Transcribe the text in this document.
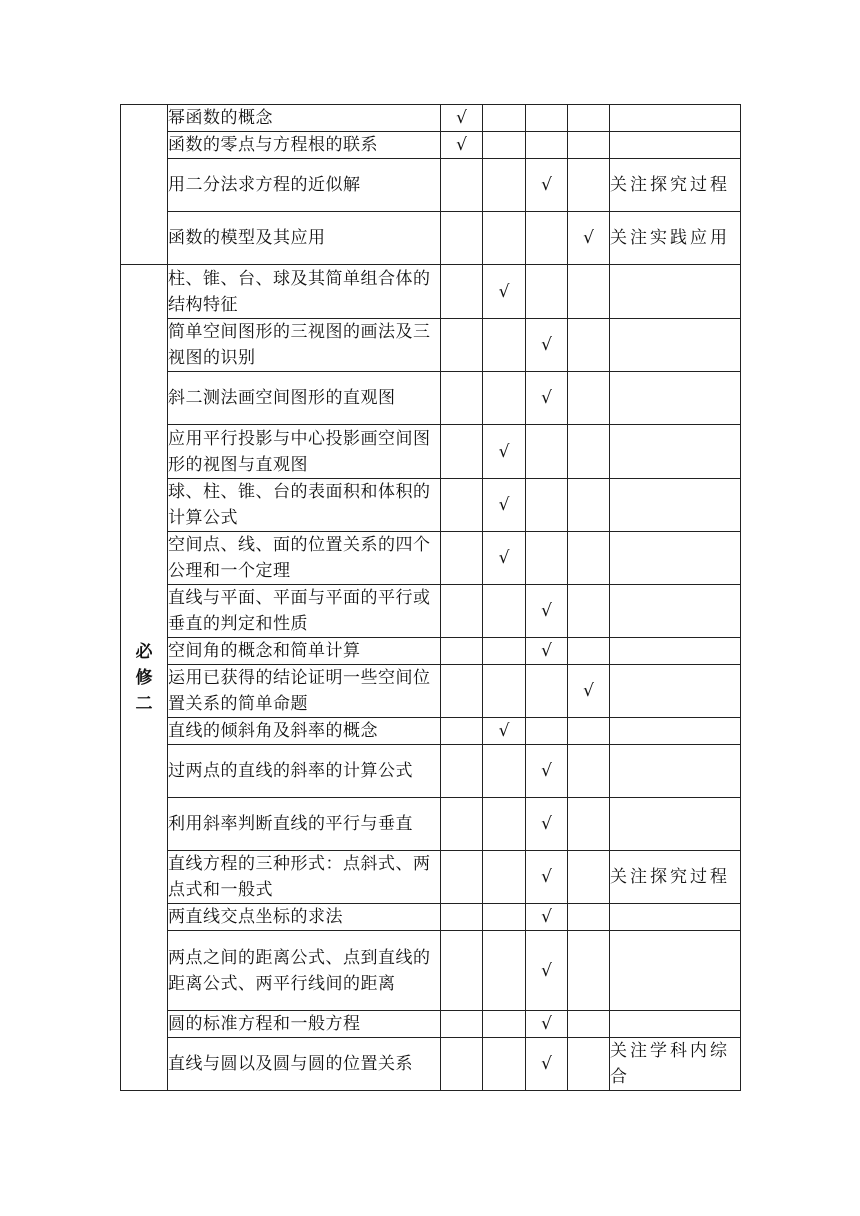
	幂函数的概念	√				
	函数的零点与方程根的联系	√				
	用二分法求方程的近似解			√		关注探究过程
	函数的模型及其应用				√	关注实践应用
必修二	柱、锥、台、球及其简单组合体的结构特征		√			
	简单空间图形的三视图的画法及三视图的识别			√		
	斜二测法画空间图形的直观图			√		
	应用平行投影与中心投影画空间图形的视图与直观图		√			
	球、柱、锥、台的表面积和体积的计算公式		√			
	空间点、线、面的位置关系的四个公理和一个定理		√			
	直线与平面、平面与平面的平行或垂直的判定和性质			√		
	空间角的概念和简单计算			√		
	运用已获得的结论证明一些空间位置关系的简单命题				√	
	直线的倾斜角及斜率的概念		√			
	过两点的直线的斜率的计算公式			√		
	利用斜率判断直线的平行与垂直			√		
	直线方程的三种形式：点斜式、两点式和一般式			√		关注探究过程
	两直线交点坐标的求法			√		
	两点之间的距离公式、点到直线的距离公式、两平行线间的距离			√		
	圆的标准方程和一般方程			√		
	直线与圆以及圆与圆的位置关系			√		关注学科内综合
